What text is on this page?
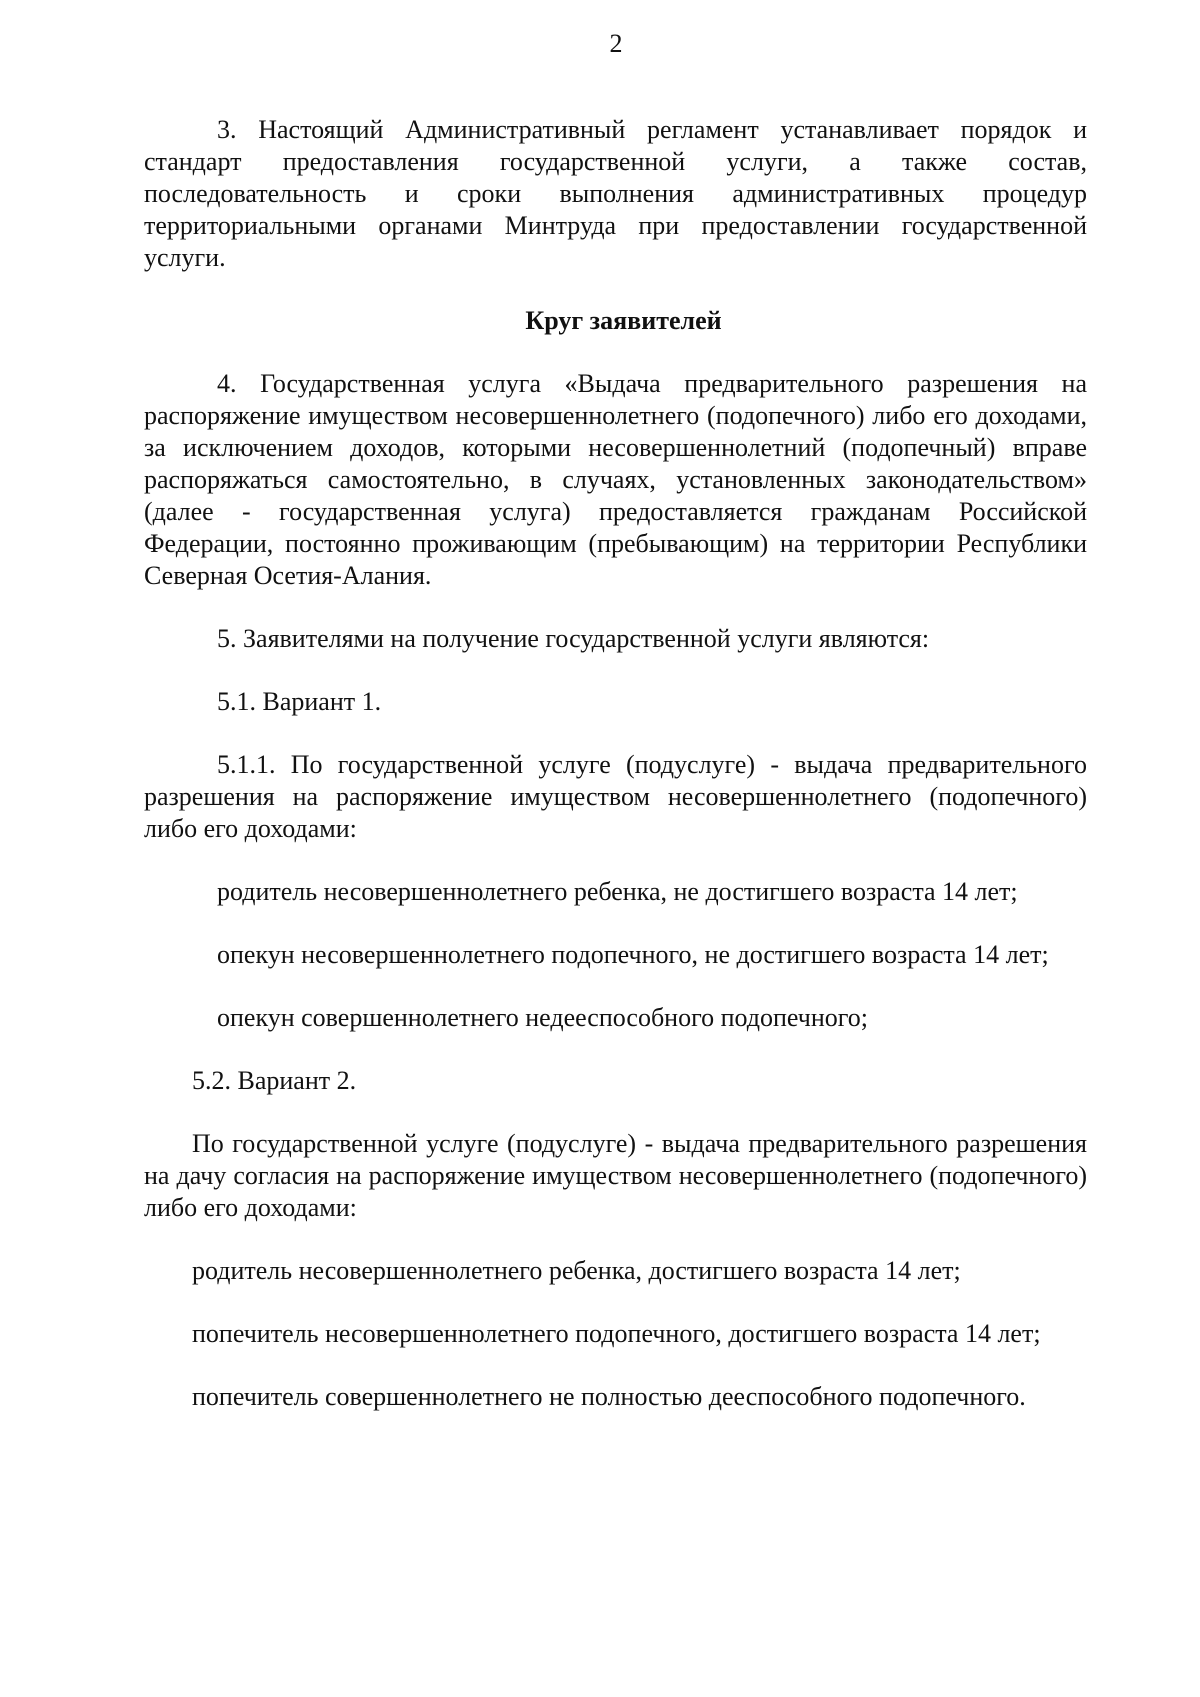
2

3. Настоящий Административный регламент устанавливает порядок и стандарт предоставления государственной услуги, а также состав, последовательность и сроки выполнения административных процедур территориальными органами Минтруда при предоставлении государственной услуги.

Круг заявителей

4. Государственная услуга «Выдача предварительного разрешения на распоряжение имуществом несовершеннолетнего (подопечного) либо его доходами, за исключением доходов, которыми несовершеннолетний (подопечный) вправе распоряжаться самостоятельно, в случаях, установленных законодательством» (далее - государственная услуга) предоставляется гражданам Российской Федерации, постоянно проживающим (пребывающим) на территории Республики Северная Осетия-Алания.

5. Заявителями на получение государственной услуги являются:

5.1. Вариант 1.

5.1.1. По государственной услуге (подуслуге) - выдача предварительного разрешения на распоряжение имуществом несовершеннолетнего (подопечного) либо его доходами:

родитель несовершеннолетнего ребенка, не достигшего возраста 14 лет;

опекун несовершеннолетнего подопечного, не достигшего возраста 14 лет;

опекун совершеннолетнего недееспособного подопечного;

5.2. Вариант 2.

По государственной услуге (подуслуге) - выдача предварительного разрешения на дачу согласия на распоряжение имуществом несовершеннолетнего (подопечного) либо его доходами:

родитель несовершеннолетнего ребенка, достигшего возраста 14 лет;

попечитель несовершеннолетнего подопечного, достигшего возраста 14 лет;

попечитель совершеннолетнего не полностью дееспособного подопечного.
